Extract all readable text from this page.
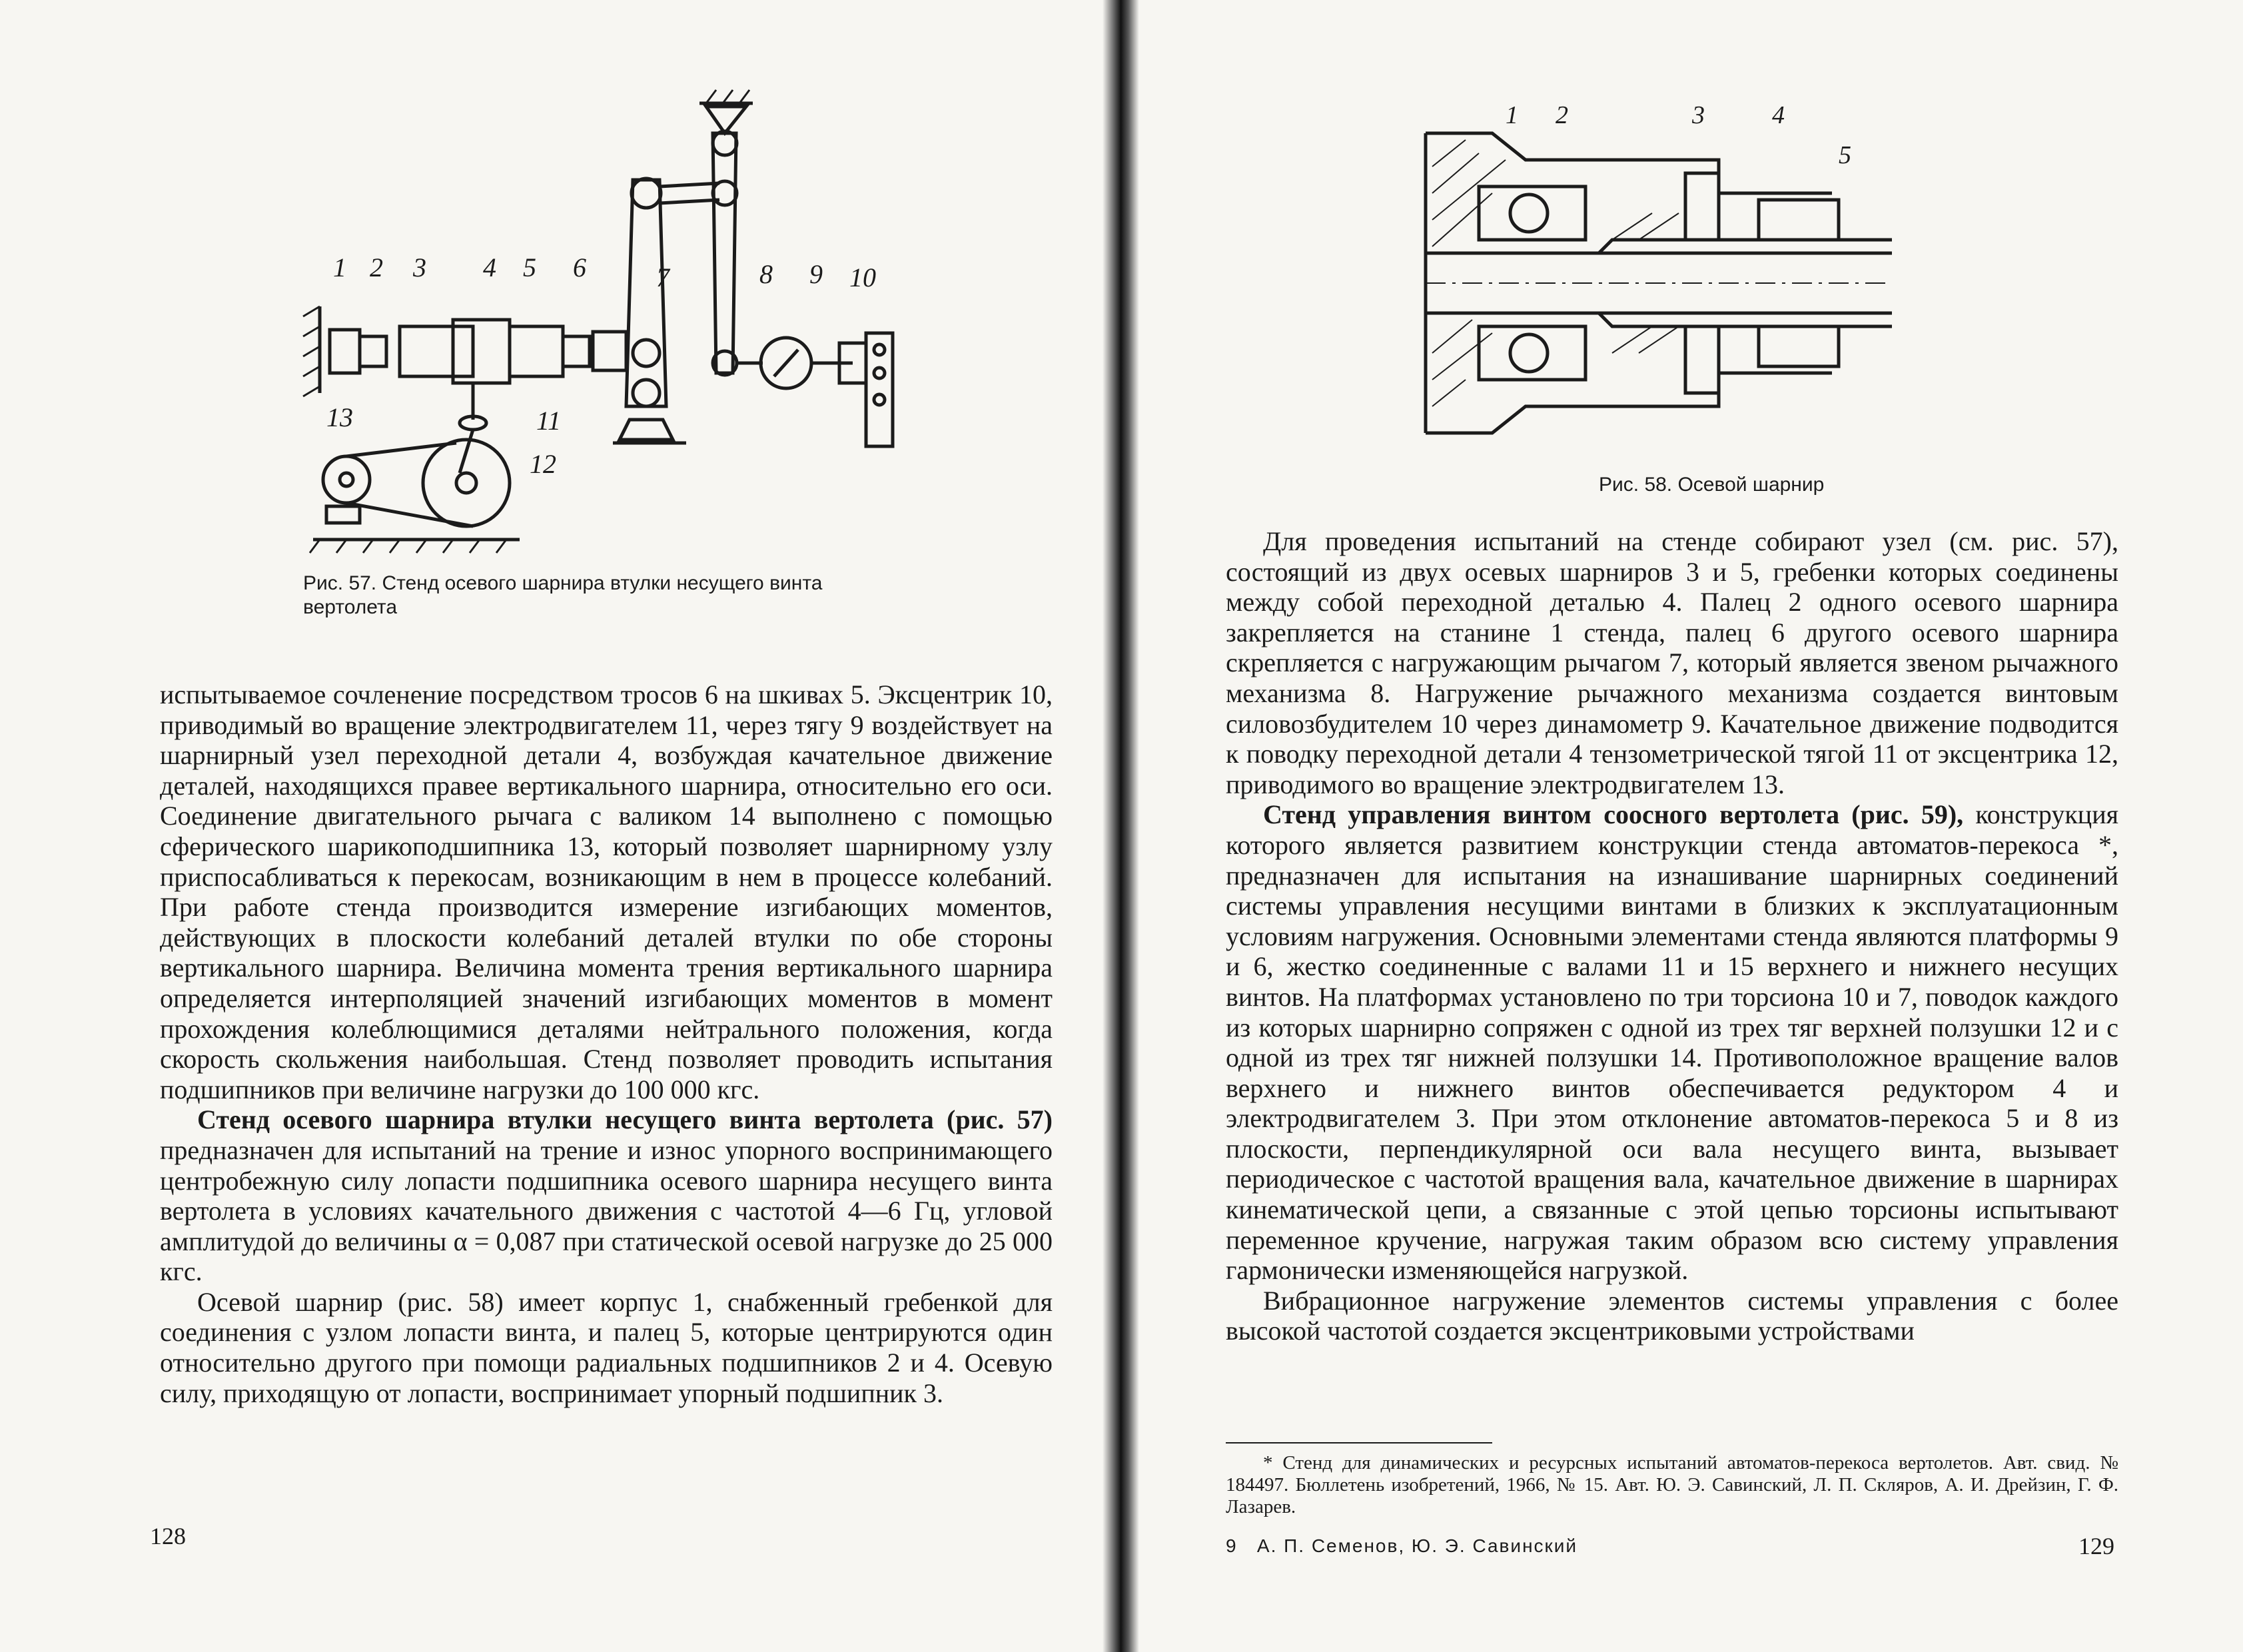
1 2 3 4 5 6	7	8 9 10
11
12
13
Рис. 57. Стенд осевого шарнира втулки несущего винта
вертолета

испытываемое сочленение посредством тросов 6 на шкивах 5. Эксцентрик 10, приводимый во вращение электродвигателем 11, через тягу 9 воздействует на шарнирный узел переходной детали 4, возбуждая качательное движение деталей, находящихся правее вертикального шарнира, относительно его оси. Соединение двигательного рычага с валиком 14 выполнено с помощью сферического шарикоподшипника 13, который позволяет шарнирному узлу приспосабливаться к перекосам, возникающим в нем в процессе колебаний. При работе стенда производится измерение изгибающих моментов, действующих в плоскости колебаний деталей втулки по обе стороны вертикального шарнира. Величина момента трения вертикального шарнира определяется интерполяцией значений изгибающих моментов в момент прохождения колеблющимися деталями нейтрального положения, когда скорость скольжения наибольшая. Стенд позволяет проводить испытания подшипников при величине нагрузки до 100 000 кгс.

Стенд осевого шарнира втулки несущего винта вертолета (рис. 57) предназначен для испытаний на трение и износ упорного воспринимающего центробежную силу лопасти подшипника осевого шарнира несущего винта вертолета в условиях качательного движения с частотой 4—6 Гц, угловой амплитудой до величины α = 0,087 при статической осевой нагрузке до 25 000 кгс.

Осевой шарнир (рис. 58) имеет корпус 1, снабженный гребенкой для соединения с узлом лопасти винта, и палец 5, которые центрируются один относительно другого при помощи радиальных подшипников 2 и 4. Осевую силу, приходящую от лопасти, воспринимает упорный подшипник 3.

128
1 2	3	4
5
Рис. 58. Осевой шарнир

Для проведения испытаний на стенде собирают узел (см. рис. 57), состоящий из двух осевых шарниров 3 и 5, гребенки которых соединены между собой переходной деталью 4. Палец 2 одного осевого шарнира закрепляется на станине 1 стенда, палец 6 другого осевого шарнира скрепляется с нагружающим рычагом 7, который является звеном рычажного механизма 8. Нагружение рычажного механизма создается винтовым силовозбудителем 10 через динамометр 9. Качательное движение подводится к поводку переходной детали 4 тензометрической тягой 11 от эксцентрика 12, приводимого во вращение электродвигателем 13.

Стенд управления винтом соосного вертолета (рис. 59), конструкция которого является развитием конструкции стенда автоматов-перекоса *, предназначен для испытания на изнашивание шарнирных соединений системы управления несущими винтами в близких к эксплуатационным условиям нагружения. Основными элементами стенда являются платформы 9 и 6, жестко соединенные с валами 11 и 15 верхнего и нижнего несущих винтов. На платформах установлено по три торсиона 10 и 7, поводок каждого из которых шарнирно сопряжен с одной из трех тяг верхней ползушки 12 и с одной из трех тяг нижней ползушки 14. Противоположное вращение валов верхнего и нижнего винтов обеспечивается редуктором 4 и электродвигателем 3. При этом отклонение автоматов-перекоса 5 и 8 из плоскости, перпендикулярной оси вала несущего винта, вызывает периодическое с частотой вращения вала, качательное движение в шарнирах кинематической цепи, а связанные с этой цепью торсионы испытывают переменное кручение, нагружая таким образом всю систему управления гармонически изменяющейся нагрузкой.

Вибрационное нагружение элементов системы управления с более высокой частотой создается эксцентриковыми устройствами

* Стенд для динамических и ресурсных испытаний автоматов-перекоса вертолетов. Авт. свид. № 184497. Бюллетень изобретений, 1966, № 15. Авт. Ю. Э. Савинский, Л. П. Скляров, А. И. Дрейзин, Г. Ф. Лазарев.

9 А. П. Семенов, Ю. Э. Савинский	129
